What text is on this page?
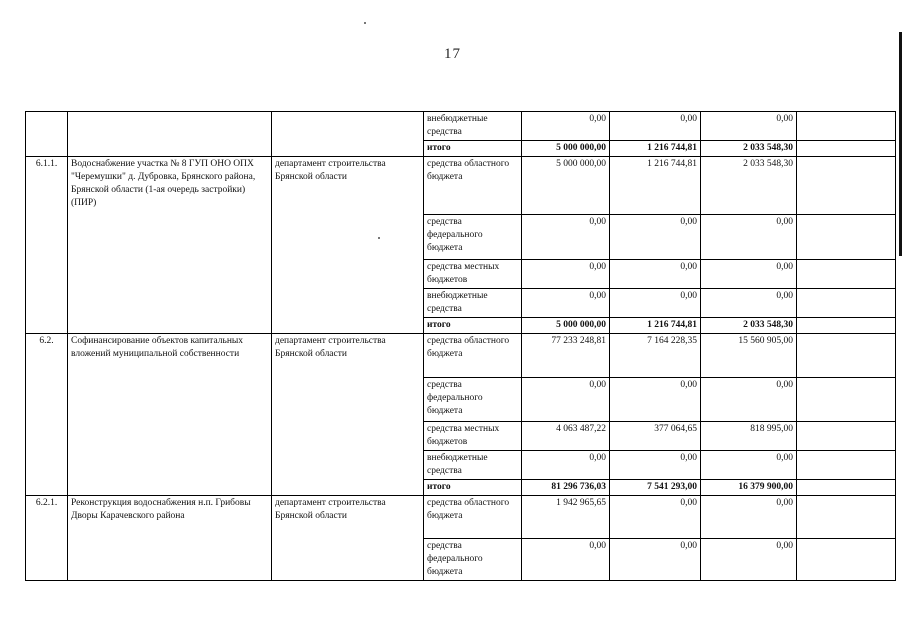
17
			внебюджетные средства	0,00	0,00	0,00	
			итого	5 000 000,00	1 216 744,81	2 033 548,30	
6.1.1.	Водоснабжение участка № 8 ГУП ОНО ОПХ "Черемушки" д. Дубровка, Брянского района, Брянской области (1-ая очередь застройки) (ПИР)	департамент строительства Брянской области	средства областного бюджета	5 000 000,00	1 216 744,81	2 033 548,30	
			средства федерального бюджета	0,00	0,00	0,00	
			средства местных бюджетов	0,00	0,00	0,00	
			внебюджетные средства	0,00	0,00	0,00	
			итого	5 000 000,00	1 216 744,81	2 033 548,30	
6.2.	Софинансирование объектов капитальных вложений муниципальной собственности	департамент строительства Брянской области	средства областного бюджета	77 233 248,81	7 164 228,35	15 560 905,00	
			средства федерального бюджета	0,00	0,00	0,00	
			средства местных бюджетов	4 063 487,22	377 064,65	818 995,00	
			внебюджетные средства	0,00	0,00	0,00	
			итого	81 296 736,03	7 541 293,00	16 379 900,00	
6.2.1.	Реконструкция водоснабжения н.п. Грибовы Дворы Карачевского района	департамент строительства Брянской области	средства областного бюджета	1 942 965,65	0,00	0,00	
			средства федерального бюджета	0,00	0,00	0,00	
